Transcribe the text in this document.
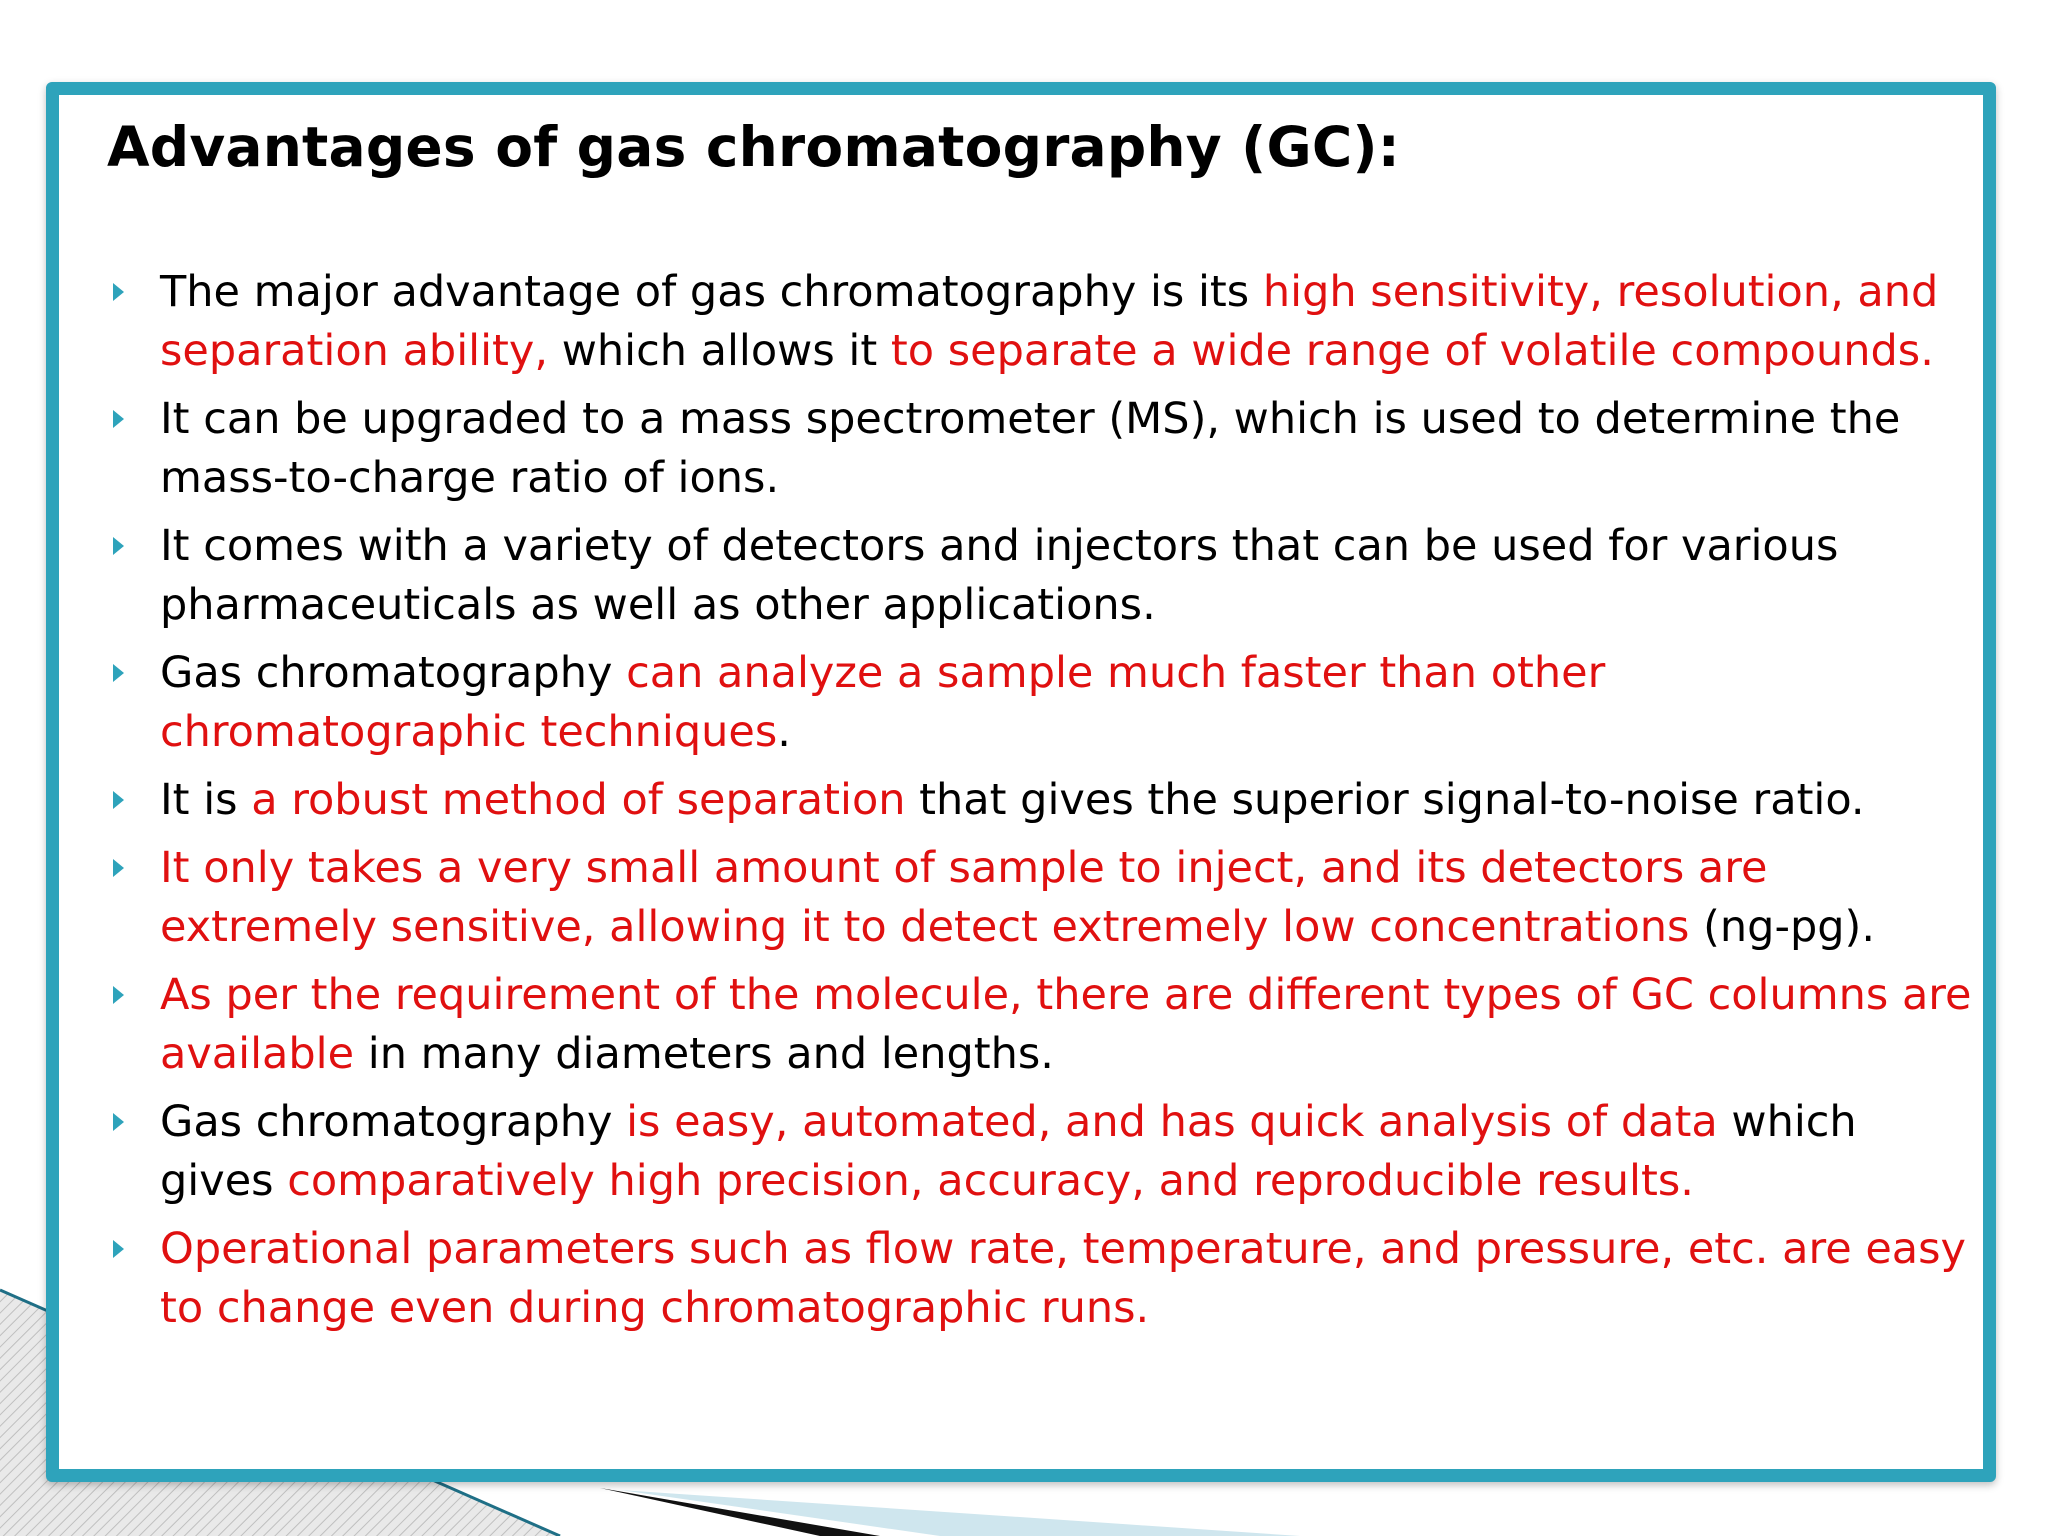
Advantages of gas chromatography (GC):
The major advantage of gas chromatography is its high sensitivity, resolution, and separation ability, which allows it to separate a wide range of volatile compounds.
It can be upgraded to a mass spectrometer (MS), which is used to determine the mass-to-charge ratio of ions.
It comes with a variety of detectors and injectors that can be used for various pharmaceuticals as well as other applications.
Gas chromatography can analyze a sample much faster than other chromatographic techniques.
It is a robust method of separation that gives the superior signal-to-noise ratio.
It only takes a very small amount of sample to inject, and its detectors are extremely sensitive, allowing it to detect extremely low concentrations (ng-pg).
As per the requirement of the molecule, there are different types of GC columns are available in many diameters and lengths.
Gas chromatography is easy, automated, and has quick analysis of data which gives comparatively high precision, accuracy, and reproducible results.
Operational parameters such as flow rate, temperature, and pressure, etc. are easy to change even during chromatographic runs.
